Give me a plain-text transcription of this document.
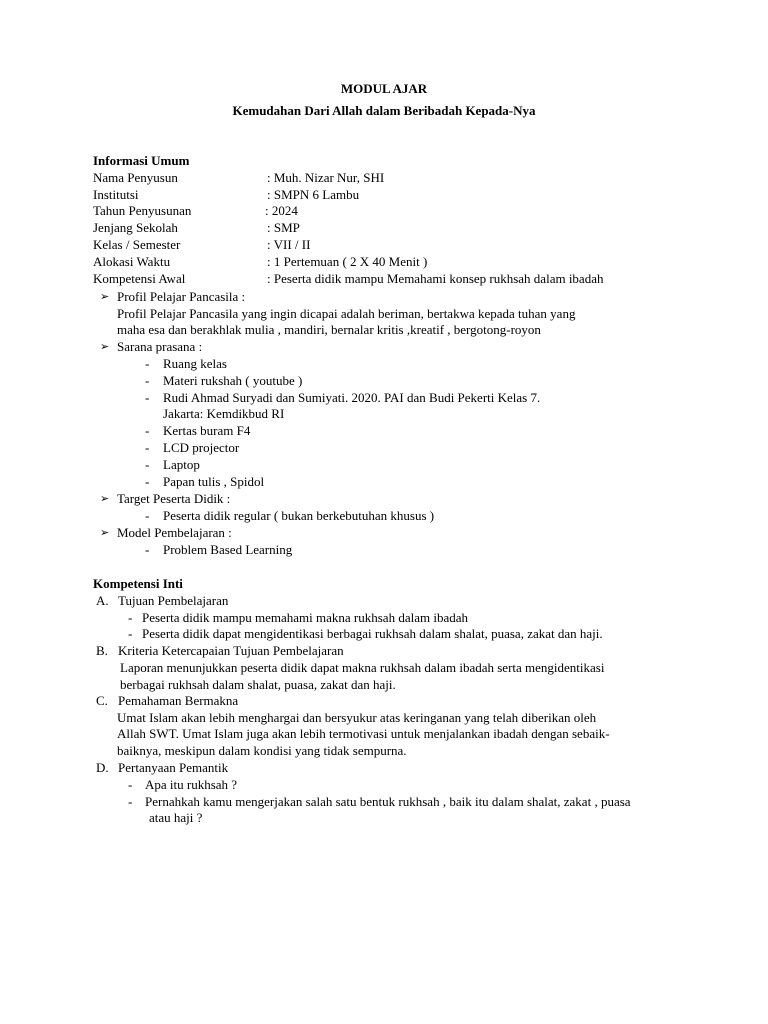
MODUL AJAR
Kemudahan Dari Allah dalam Beribadah Kepada-Nya
Informasi Umum
Nama Penyusun	: Muh. Nizar Nur, SHI
Institutsi	: SMPN 6 Lambu
Tahun Penyusunan	: 2024
Jenjang Sekolah	: SMP
Kelas / Semester	: VII / II
Alokasi Waktu	: 1 Pertemuan ( 2 X 40 Menit )
Kompetensi Awal	: Peserta didik mampu Memahami konsep rukhsah dalam ibadah
➢ Profil Pelajar Pancasila :
Profil Pelajar Pancasila yang ingin dicapai adalah beriman, bertakwa kepada tuhan yang
maha esa dan berakhlak mulia , mandiri, bernalar kritis ,kreatif , bergotong-royon
➢ Sarana prasana :
- Ruang kelas
- Materi rukshah ( youtube )
- Rudi Ahmad Suryadi dan Sumiyati. 2020. PAI dan Budi Pekerti Kelas 7.
Jakarta: Kemdikbud RI
- Kertas buram F4
- LCD projector
- Laptop
- Papan tulis , Spidol
➢ Target Peserta Didik :
- Peserta didik regular ( bukan berkebutuhan khusus )
➢ Model Pembelajaran :
- Problem Based Learning
Kompetensi Inti
A. Tujuan Pembelajaran
- Peserta didik mampu memahami makna rukhsah dalam ibadah
- Peserta didik dapat mengidentikasi berbagai rukhsah dalam shalat, puasa, zakat dan haji.
B. Kriteria Ketercapaian Tujuan Pembelajaran
Laporan menunjukkan peserta didik dapat makna rukhsah dalam ibadah serta mengidentikasi
berbagai rukhsah dalam shalat, puasa, zakat dan haji.
C. Pemahaman Bermakna
Umat Islam akan lebih menghargai dan bersyukur atas keringanan yang telah diberikan oleh
Allah SWT. Umat Islam juga akan lebih termotivasi untuk menjalankan ibadah dengan sebaik-
baiknya, meskipun dalam kondisi yang tidak sempurna.
D. Pertanyaan Pemantik
- Apa itu rukhsah ?
- Pernahkah kamu mengerjakan salah satu bentuk rukhsah , baik itu dalam shalat, zakat , puasa
atau haji ?
